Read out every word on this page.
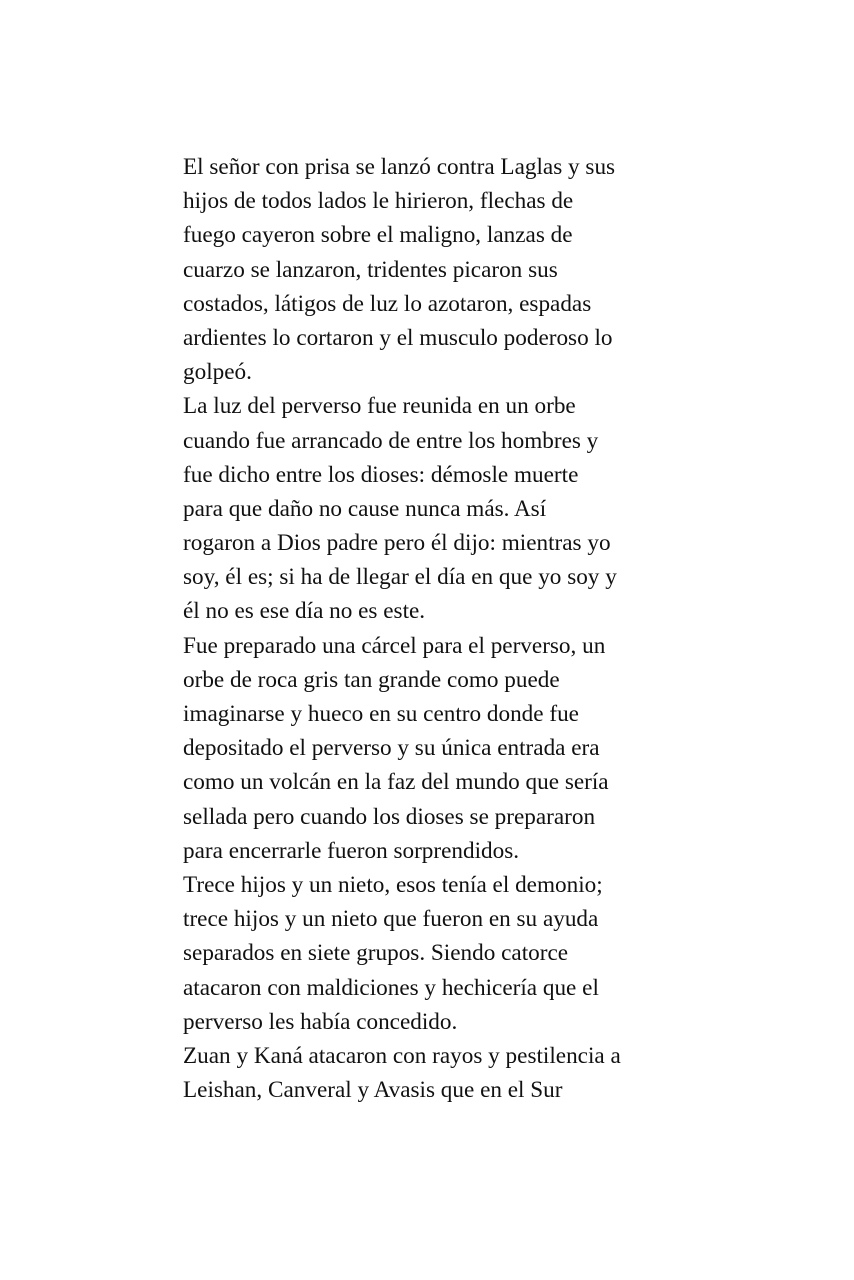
El señor con prisa se lanzó contra Laglas y sus
hijos de todos lados le hirieron, flechas de
fuego cayeron sobre el maligno, lanzas de
cuarzo se lanzaron, tridentes picaron sus
costados, látigos de luz lo azotaron, espadas
ardientes lo cortaron y el musculo poderoso lo
golpeó.
La luz del perverso fue reunida en un orbe
cuando fue arrancado de entre los hombres y
fue dicho entre los dioses: démosle muerte
para que daño no cause nunca más. Así
rogaron a Dios padre pero él dijo: mientras yo
soy, él es; si ha de llegar el día en que yo soy y
él no es ese día no es este.
Fue preparado una cárcel para el perverso, un
orbe de roca gris tan grande como puede
imaginarse y hueco en su centro donde fue
depositado el perverso y su única entrada era
como un volcán en la faz del mundo que sería
sellada pero cuando los dioses se prepararon
para encerrarle fueron sorprendidos.
Trece hijos y un nieto, esos tenía el demonio;
trece hijos y un nieto que fueron en su ayuda
separados en siete grupos. Siendo catorce
atacaron con maldiciones y hechicería que el
perverso les había concedido.
Zuan y Kaná atacaron con rayos y pestilencia a
Leishan, Canveral y Avasis que en el Sur
